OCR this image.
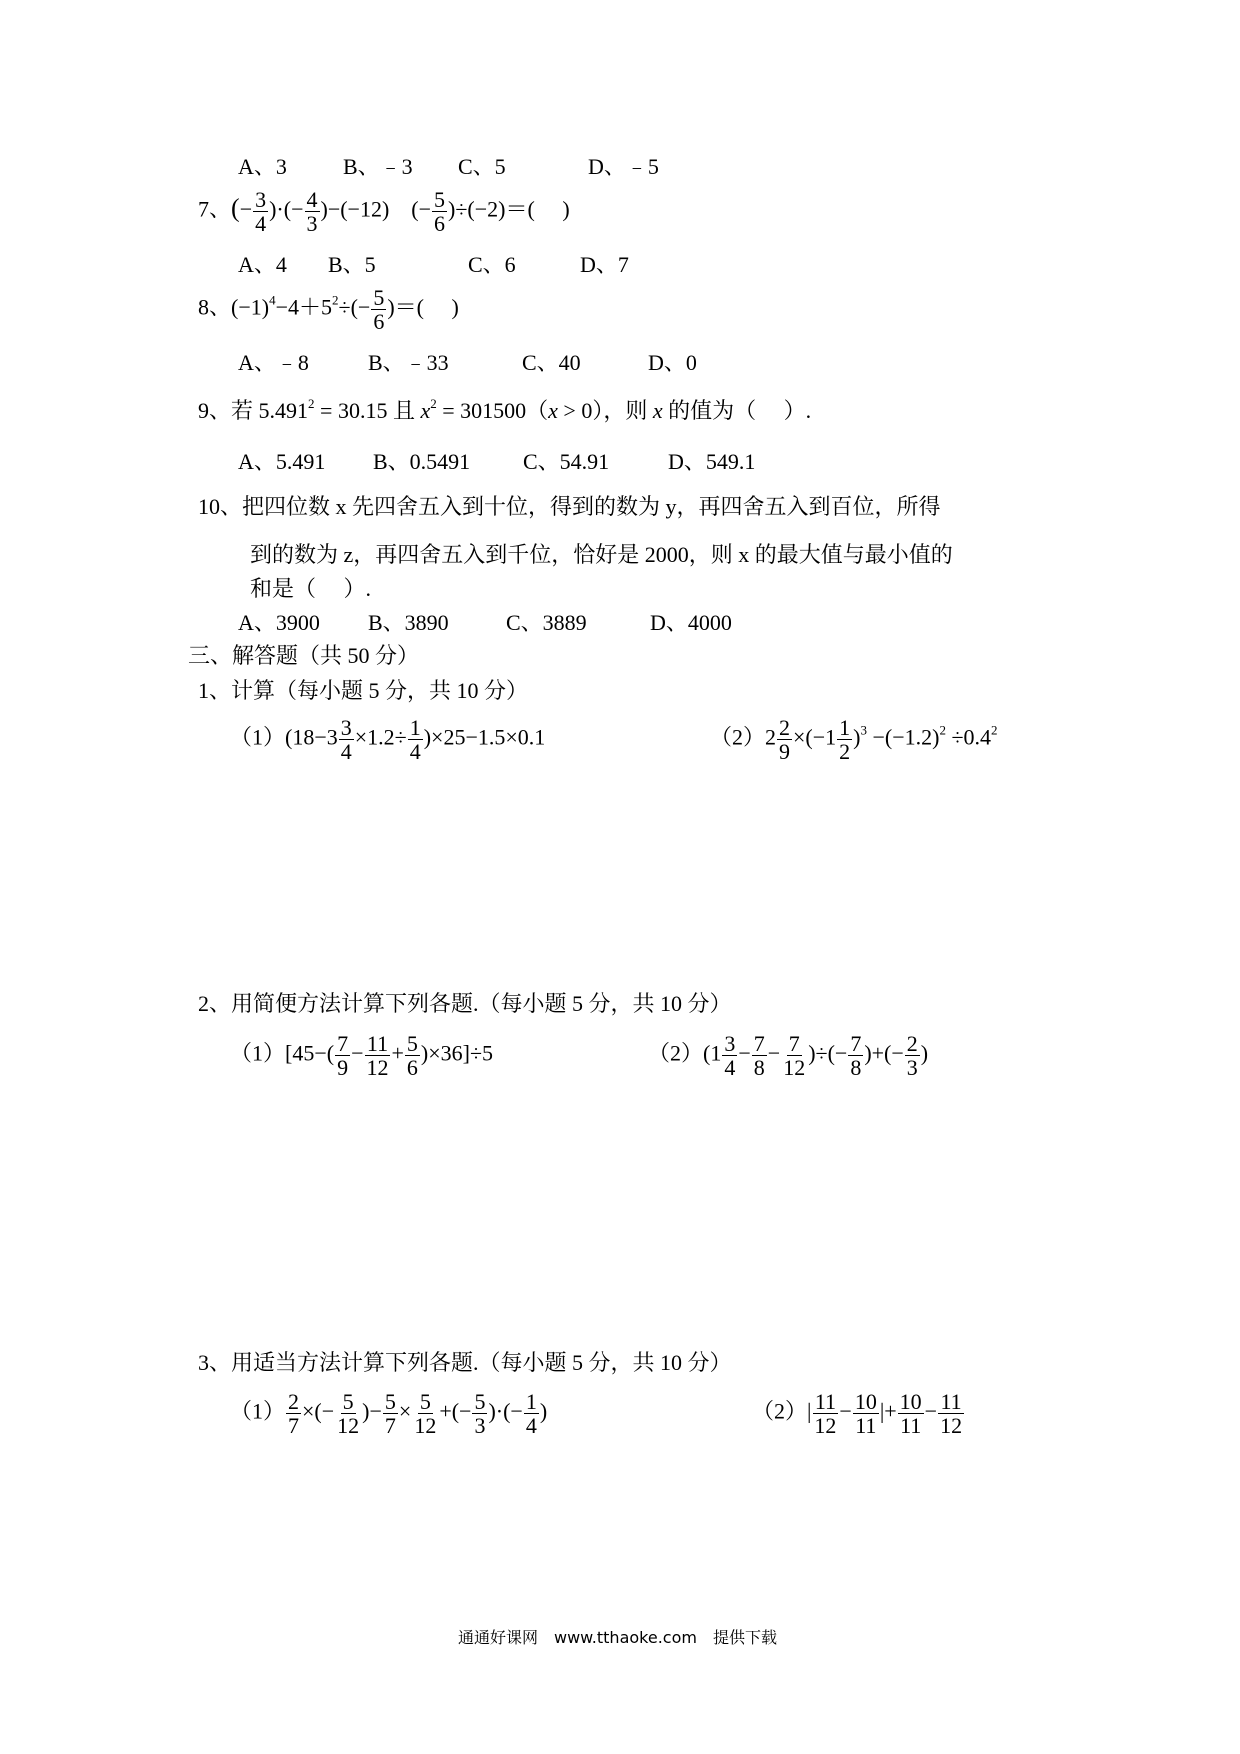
A、3	B、﹣3 C、5	D、﹣5
7、(− $\frac{3}{4}$ )·(− $\frac{4}{3} )-(-12)$　(− $\frac{5}{6} )\div(-2)=$(　 )
A、4 B、5	C、6	D、7
8、$(-1)^4-4+5^2\div(- \frac{5}{6}$ )＝(　 )
A、﹣8	B、﹣33	C、40	D、0
9、若 $5.491^2 = 30.15$ 且 $x^2 = 301500(x > 0)$，则 x 的值为（　 ）.
A、5.491 B、0.5491 C、54.91	D、549.1
10、把四位数 x 先四舍五入到十位，得到的数为 y，再四舍五入到百位，所得
到的数为 z，再四舍五入到千位，恰好是 2000，则 x 的最大值与最小值的
和是（　 ）.
A、3900 B、3890	C、3889	D、4000
三、解答题（共 50 分）
1、计算（每小题 5 分，共 10 分）
$(1)(18-3 \frac{3}{4} \times 1.2\div \frac{1}{4} )\times 25-1.5\times 0.1$	$(2)2 \frac{2}{9} \times(-1 \frac{1}{2} )^3 -(-1.2)^2 \div 0.4^2$
2、用简便方法计算下列各题.（每小题 5 分，共 10 分）
$(1)[45-( \frac{7}{9} - \frac{11}{12} + \frac{5}{6} )\times 36]\div 5$	$(2)(1 \frac{3}{4} - \frac{7}{8} - \frac{7}{12}$ )÷(− $\frac{7}{8}$ )+(− $\frac{2}{3}$ )
3、用适当方法计算下列各题.（每小题 5 分，共 10 分）
$(1) \frac{2}{7}$ ×(− $\frac{5}{12}$ )− $\frac{5}{7} \times \frac{5}{12}$ +(− $\frac{5}{3}$ )·(− $\frac{1}{4}$ )	$(2)| \frac{11}{12} - \frac{10}{11}$ |+ $\frac{10}{11} - \frac{11}{12}$
通通好课网　www.tthaoke.com　提供下载
